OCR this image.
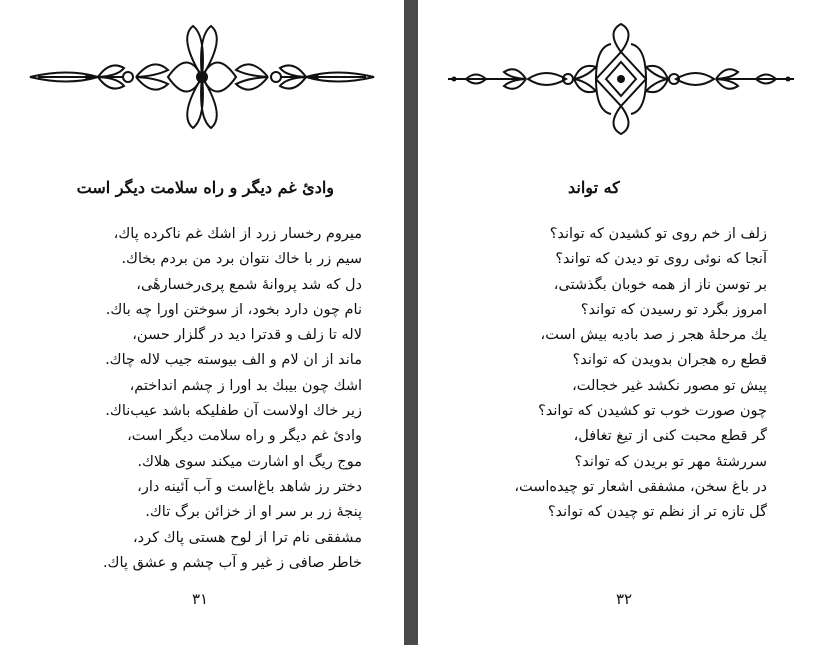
وادئ غم دیگر و راه سلامت دیگر است
میروم رخسار زرد از اشك غم ناكرده پاك،
سیم زر با خاك نتوان برد من بردم بخاك.
دل كه شد پروانهٔ شمع پری‌رخسارهٔی،
نام چون دارد بخود، از سوختن اورا چه باك.
لاله تا زلف و قدترا دید در گلزار حسن،
ماند از ان لام و الف بیوسته جیب لاله چاك.
اشك چون بیبك بد اورا ز چشم انداختم،
زیر خاك اولاست آن طفلیكه باشد عیب‌ناك.
وادئ غم دیگر و راه سلامت دیگر است،
موج ریگ او اشارت میکند سوی هلاك.
دختر رز شاهد باغ‌است و آب آئینه دار،
پنجهٔ زر بر سر او از خزائن برگ تاك.
مشفقی نام ترا از لوح هستی پاك كرد،
خاطر صافی ز غیر و آب چشم و عشق پاك.
۳۱
كه تواند
زلف از خم روی تو کشیدن که تواند؟
آنجا که نوئی روی تو دیدن که تواند؟
بر توسن ناز از همه خوبان بگذشتی،
امروز بگرد تو رسیدن که تواند؟
یك مرحلهٔ هجر ز صد بادیه بیش است،
قطع ره هجران بدویدن که تواند؟
پیش تو مصور نکشد غیر خجالت،
چون صورت خوب تو کشیدن که تواند؟
گر قطع محبت کنی از تیغ تغافل،
سررشتهٔ مهر تو بریدن که تواند؟
در باغ سخن، مشفقی اشعار تو چیده‌است،
گل تازه تر از نظم تو چیدن که تواند؟
۳۲
